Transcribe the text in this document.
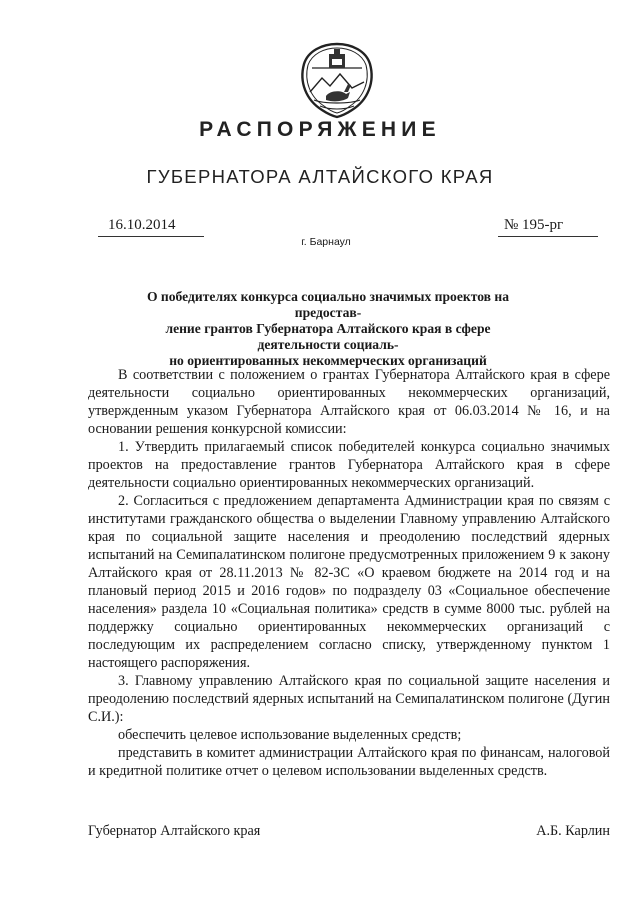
РАСПОРЯЖЕНИЕ
ГУБЕРНАТОРА АЛТАЙСКОГО КРАЯ
16.10.2014	№ 195-рг
г. Барнаул
О победителях конкурса социально значимых проектов на предостав-
ление грантов Губернатора Алтайского края в сфере деятельности социаль-
но ориентированных некоммерческих организаций

В соответствии с положением о грантах Губернатора Алтайского края в сфере деятельности социально ориентированных некоммерческих организаций, утвержденным указом Губернатора Алтайского края от 06.03.2014 № 16, и на основании решения конкурсной комиссии:

1. Утвердить прилагаемый список победителей конкурса социально значимых проектов на предоставление грантов Губернатора Алтайского края в сфере деятельности социально ориентированных некоммерческих организаций.

2. Согласиться с предложением департамента Администрации края по связям с институтами гражданского общества о выделении Главному управлению Алтайского края по социальной защите населения и преодолению последствий ядерных испытаний на Семипалатинском полигоне предусмотренных приложением 9 к закону Алтайского края от 28.11.2013 № 82-ЗС «О краевом бюджете на 2014 год и на плановый период 2015 и 2016 годов» по подразделу 03 «Социальное обеспечение населения» раздела 10 «Социальная политика» средств в сумме 8000 тыс. рублей на поддержку социально ориентированных некоммерческих организаций с последующим их распределением согласно списку, утвержденному пунктом 1 настоящего распоряжения.

3. Главному управлению Алтайского края по социальной защите населения и преодолению последствий ядерных испытаний на Семипалатинском полигоне (Дугин С.И.):

обеспечить целевое использование выделенных средств;

представить в комитет администрации Алтайского края по финансам, налоговой и кредитной политике отчет о целевом использовании выделенных средств.

Губернатор Алтайского края	А.Б. Карлин
